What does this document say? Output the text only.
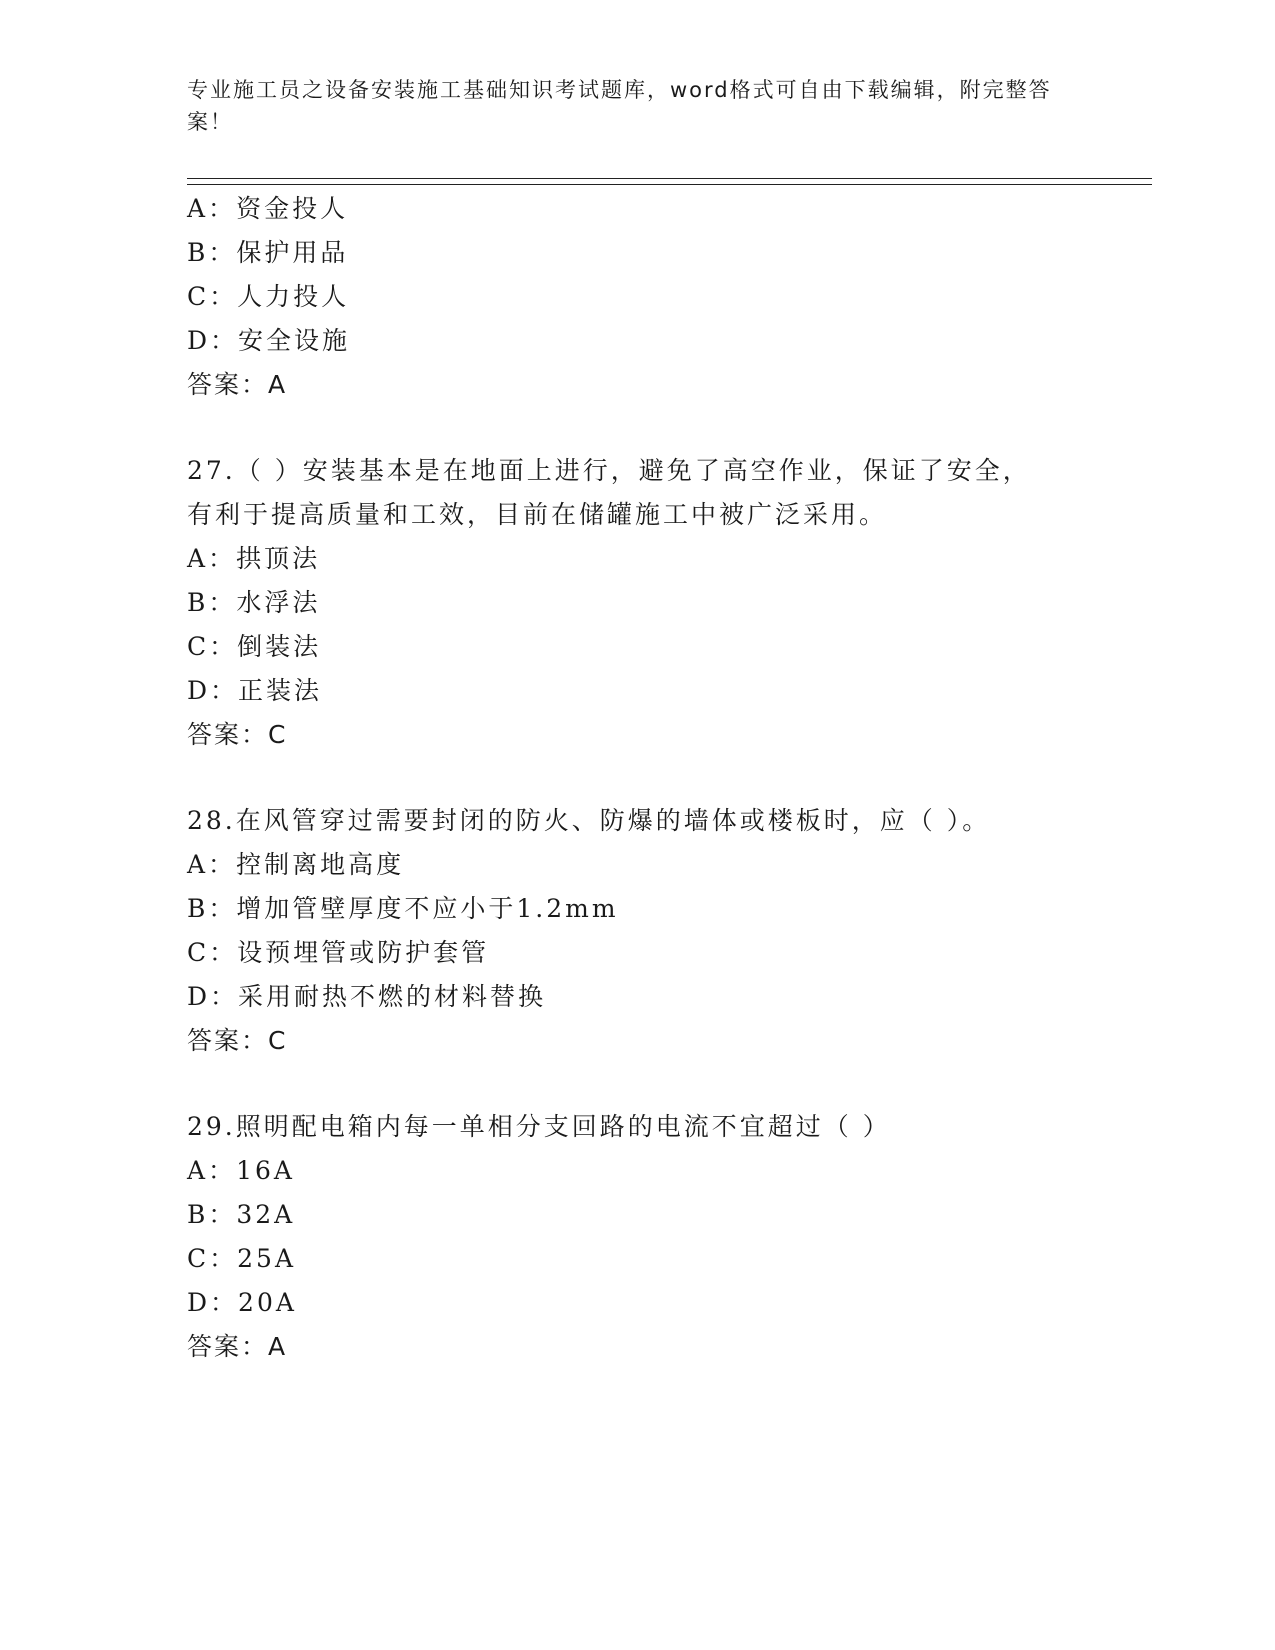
专业施工员之设备安装施工基础知识考试题库，word格式可自由下载编辑，附完整答案！
A：资金投人
B：保护用品
C：人力投人
D：安全设施
答案：A
27.（ ）安装基本是在地面上进行，避免了高空作业，保证了安全，
有利于提高质量和工效，目前在储罐施工中被广泛采用。
A：拱顶法
B：水浮法
C：倒装法
D：正装法
答案：C
28.在风管穿过需要封闭的防火、防爆的墙体或楼板时，应（ ）。
A：控制离地高度
B：增加管壁厚度不应小于1.2mm
C：设预埋管或防护套管
D：采用耐热不燃的材料替换
答案：C
29.照明配电箱内每一单相分支回路的电流不宜超过（ ）
A：16A
B：32A
C：25A
D：20A
答案：A
